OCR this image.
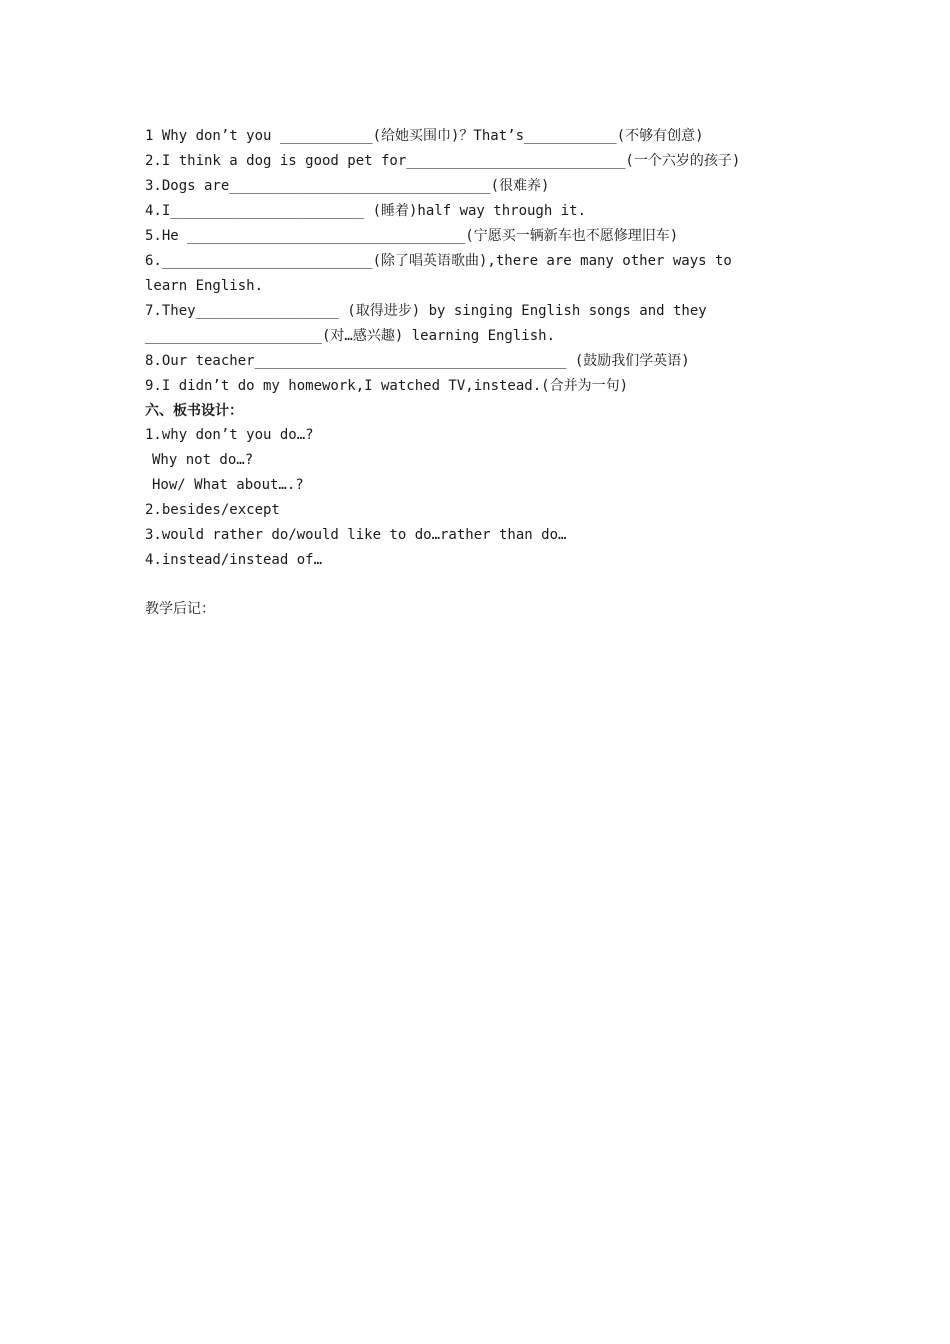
1 Why don’t you ___________(给她买围巾)？That’s___________(不够有创意)
2.I think a dog is good pet for__________________________(一个六岁的孩子)
3.Dogs are_______________________________(很难养)
4.I_______________________ (睡着)half way through it.
5.He _________________________________(宁愿买一辆新车也不愿修理旧车)
6._________________________(除了唱英语歌曲),there are many other ways to
learn English.
7.They_________________ (取得进步) by singing English songs and they
_____________________(对…感兴趣) learning English.
8.Our teacher_____________________________________ (鼓励我们学英语)
9.I didn’t do my homework,I watched TV,instead.(合并为一句)
六、板书设计：
1.why don’t you do…?
Why not do…?
How/ What about….?
2.besides/except
3.would rather do/would like to do…rather than do…
4.instead/instead of…
教学后记：
